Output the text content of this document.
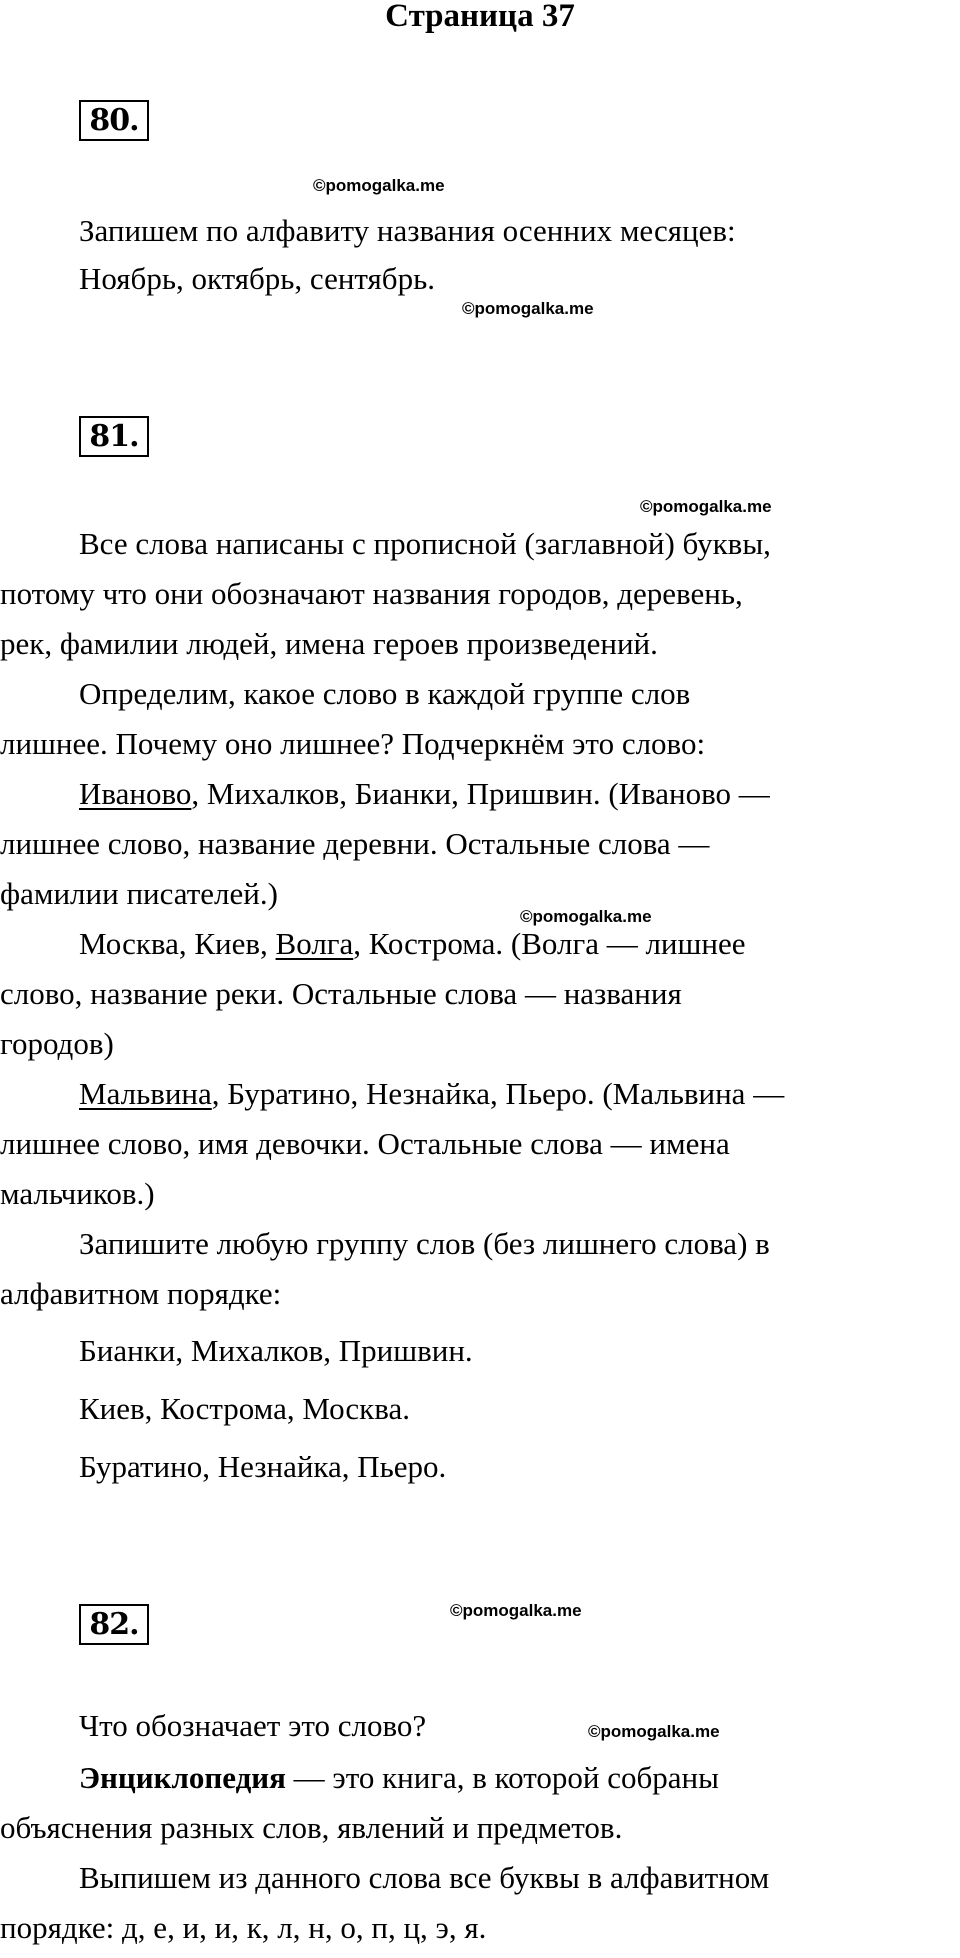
Страница 37
80.
©pomogalka.me
Запишем по алфавиту названия осенних месяцев:
Ноябрь, октябрь, сентябрь.
©pomogalka.me
81.
©pomogalka.me
Все слова написаны с прописной (заглавной) буквы,
потому что они обозначают названия городов, деревень,
рек, фамилии людей, имена героев произведений.
Определим, какое слово в каждой группе слов
лишнее. Почему оно лишнее? Подчеркнём это слово:
Иваново, Михалков, Бианки, Пришвин. (Иваново —
лишнее слово, название деревни. Остальные слова —
фамилии писателей.)
©pomogalka.me
Москва, Киев, Волга, Кострома. (Волга — лишнее
слово, название реки. Остальные слова — названия
городов)
Мальвина, Буратино, Незнайка, Пьеро. (Мальвина —
лишнее слово, имя девочки. Остальные слова — имена
мальчиков.)
Запишите любую группу слов (без лишнего слова) в
алфавитном порядке:
Бианки, Михалков, Пришвин.
Киев, Кострома, Москва.
Буратино, Незнайка, Пьеро.
82.	©pomogalka.me
Что обозначает это слово?	©pomogalka.me
Энциклопедия — это книга, в которой собраны
объяснения разных слов, явлений и предметов.
Выпишем из данного слова все буквы в алфавитном
порядке: д, е, и, и, к, л, н, о, п, ц, э, я.
